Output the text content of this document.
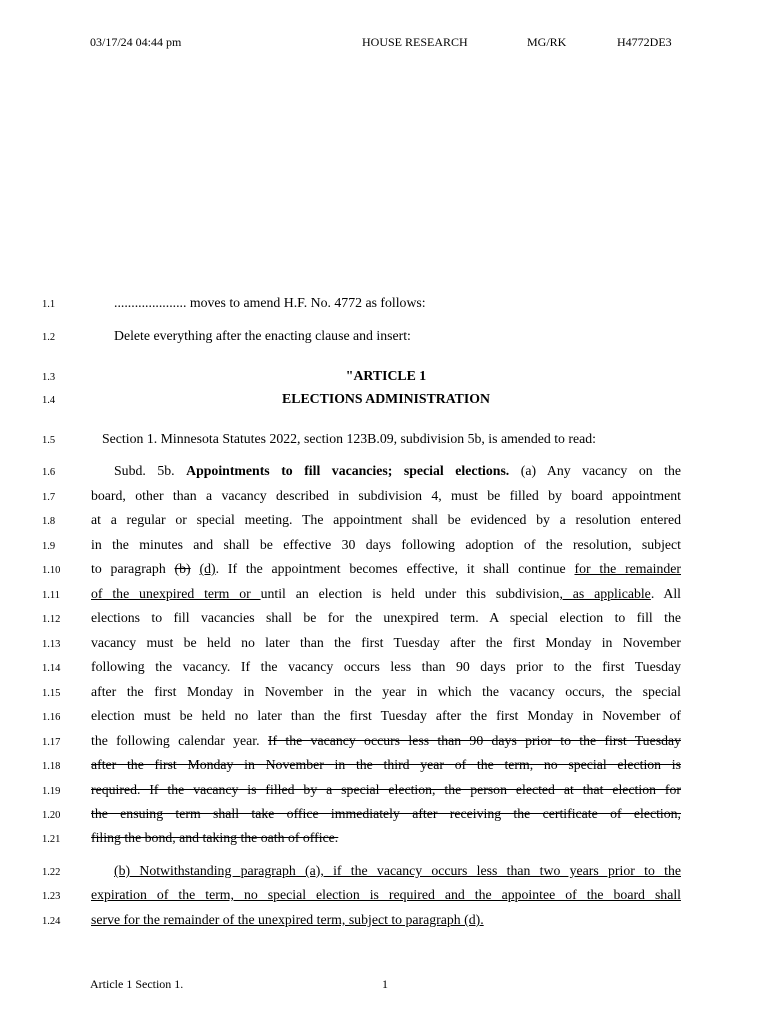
03/17/24 04:44 pm	HOUSE RESEARCH	MG/RK	H4772DE3
1.1	..................... moves to amend H.F. No. 4772 as follows:
1.2	Delete everything after the enacting clause and insert:
1.3	"ARTICLE 1
1.4	ELECTIONS ADMINISTRATION
1.5	Section 1. Minnesota Statutes 2022, section 123B.09, subdivision 5b, is amended to read:
1.6	Subd. 5b. Appointments to fill vacancies; special elections. (a) Any vacancy on the
1.7	board, other than a vacancy described in subdivision 4, must be filled by board appointment
1.8	at a regular or special meeting. The appointment shall be evidenced by a resolution entered
1.9	in the minutes and shall be effective 30 days following adoption of the resolution, subject
1.10 to paragraph (b) (d). If the appointment becomes effective, it shall continue for the remainder
1.11 of the unexpired term or until an election is held under this subdivision, as applicable. All
1.12 elections to fill vacancies shall be for the unexpired term. A special election to fill the
1.13 vacancy must be held no later than the first Tuesday after the first Monday in November
1.14 following the vacancy. If the vacancy occurs less than 90 days prior to the first Tuesday
1.15 after the first Monday in November in the year in which the vacancy occurs, the special
1.16 election must be held no later than the first Tuesday after the first Monday in November of
1.17 the following calendar year. If the vacancy occurs less than 90 days prior to the first Tuesday
1.18 after the first Monday in November in the third year of the term, no special election is
1.19 required. If the vacancy is filled by a special election, the person elected at that election for
1.20 the ensuing term shall take office immediately after receiving the certificate of election,
1.21 filing the bond, and taking the oath of office.
1.22	(b) Notwithstanding paragraph (a), if the vacancy occurs less than two years prior to the
1.23 expiration of the term, no special election is required and the appointee of the board shall
1.24 serve for the remainder of the unexpired term, subject to paragraph (d).
Article 1 Section 1.	1
